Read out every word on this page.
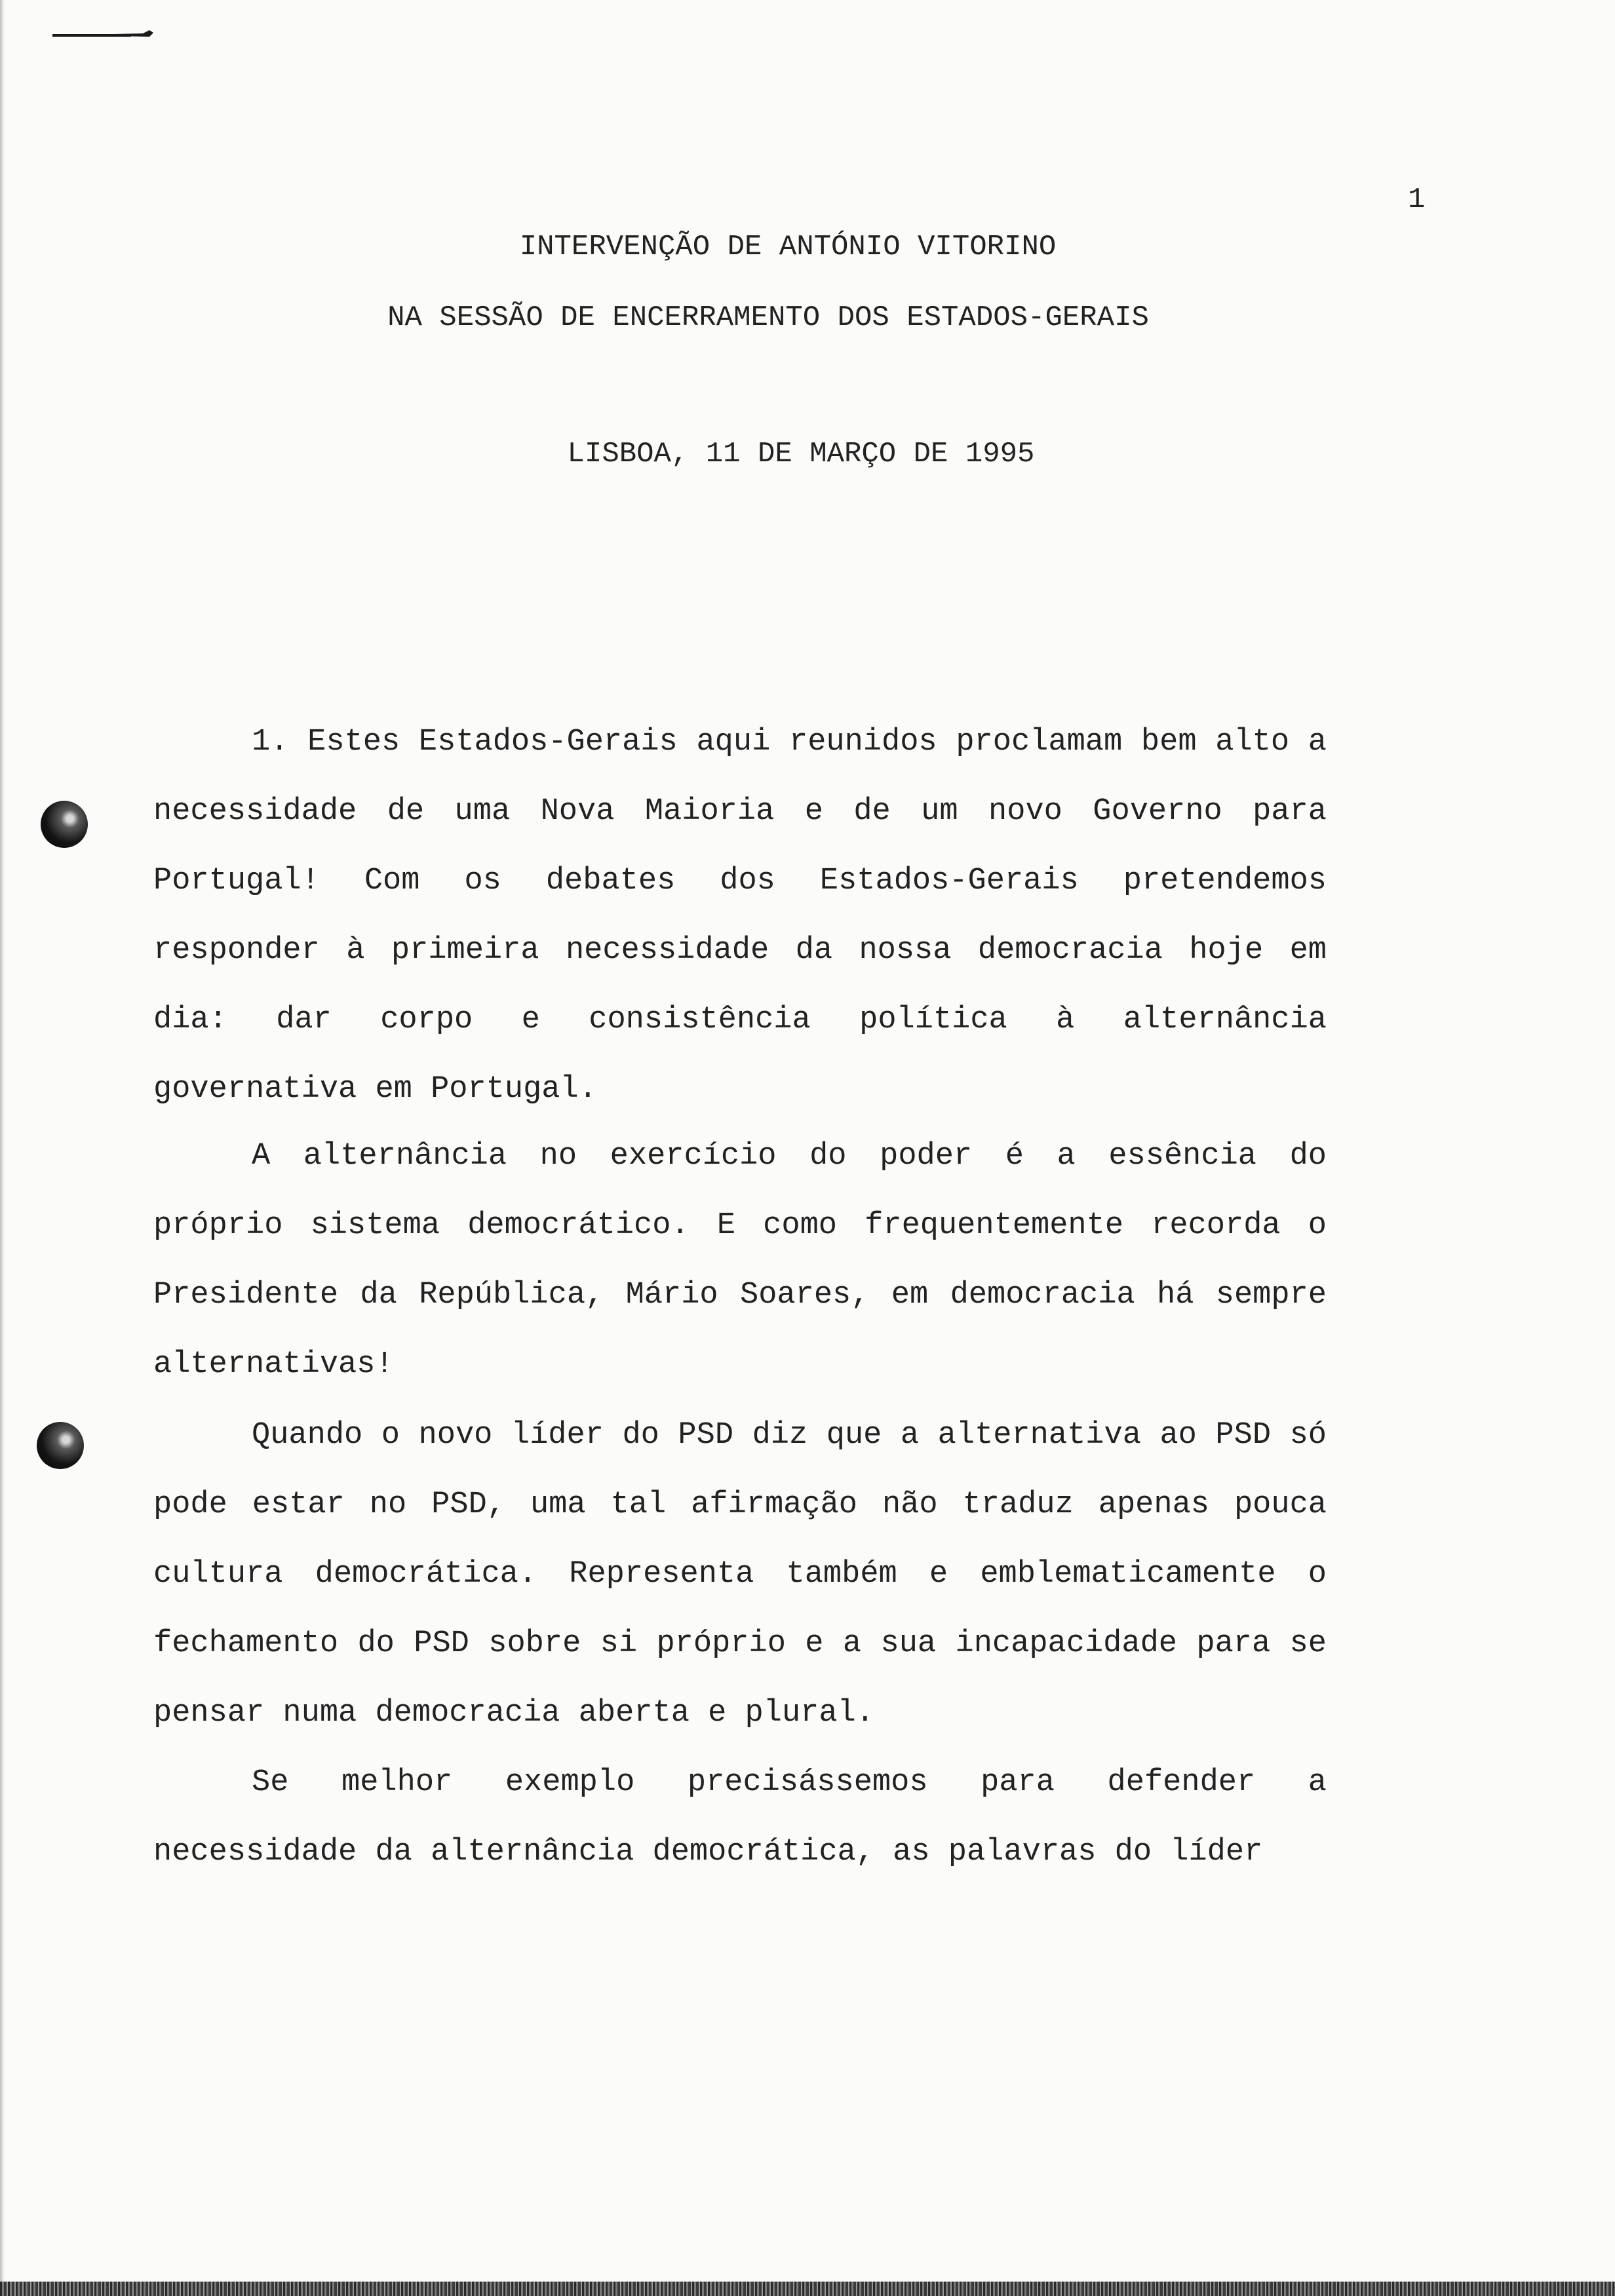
1
INTERVENÇÃO DE ANTÓNIO VITORINO
NA SESSÃO DE ENCERRAMENTO DOS ESTADOS-GERAIS
LISBOA, 11 DE MARÇO DE 1995

1. Estes Estados-Gerais aqui reunidos proclamam bem alto a necessidade de uma Nova Maioria e de um novo Governo para Portugal! Com os debates dos Estados-Gerais pretendemos responder à primeira necessidade da nossa democracia hoje em dia: dar corpo e consistência política à alternância governativa em Portugal.

A alternância no exercício do poder é a essência do próprio sistema democrático. E como frequentemente recorda o Presidente da República, Mário Soares, em democracia há sempre alternativas!

Quando o novo líder do PSD diz que a alternativa ao PSD só pode estar no PSD, uma tal afirmação não traduz apenas pouca cultura democrática. Representa também e emblematicamente o fechamento do PSD sobre si próprio e a sua incapacidade para se pensar numa democracia aberta e plural.

Se melhor exemplo precisássemos para defender a necessidade da alternância democrática, as palavras do líder
